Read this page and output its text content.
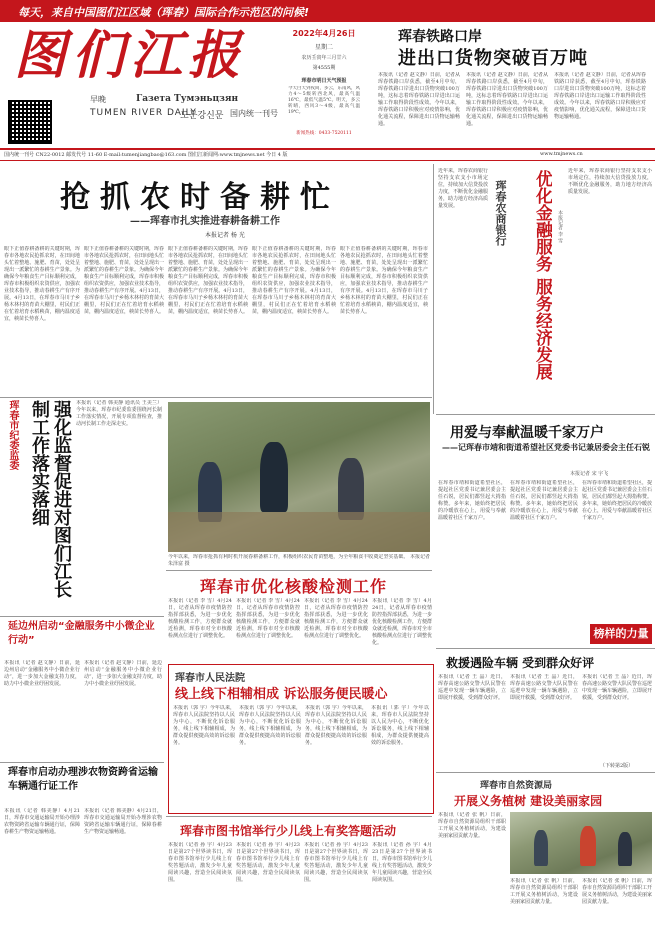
每天，来自中国图们江区域（珲春）国际合作示范区的问候!
图们江报
早晚	Газета Тумэньцзян
TUMEN RIVER DAILY
도문강신문 国内统一刊号
2022年4月26日
星期二
农历壬寅年三月廿六
第4555期
珲春市明日天气预报
今天白天到夜间，多云，东南风，风力4～5级转西北风，最高气温16℃，最低气温5℃。明天，多云转晴，西风3～4级，最高气温19℃。
新闻热线：0433-7520111
珲春铁路口岸
进出口货物突破百万吨
本报讯（记者 赵文静）日前，记者从珲春铁路口岸获悉，截至4月中旬，珲春铁路口岸进出口货物突破100万吨，这标志着珲春铁路口岸进出口运输工作取得阶段性成效。今年以来，珲春铁路口岸积极应对疫情影响，优化通关流程，保障进出口货物运输畅通。
本报讯（记者 赵文静）日前，记者从珲春铁路口岸获悉，截至4月中旬，珲春铁路口岸进出口货物突破100万吨，这标志着珲春铁路口岸进出口运输工作取得阶段性成效。今年以来，珲春铁路口岸积极应对疫情影响，优化通关流程，保障进出口货物运输畅通。
本报讯（记者 赵文静）日前，记者从珲春铁路口岸获悉，截至4月中旬，珲春铁路口岸进出口货物突破100万吨，这标志着珲春铁路口岸进出口运输工作取得阶段性成效。今年以来，珲春铁路口岸积极应对疫情影响，优化通关流程，保障进出口货物运输畅通。
国内统一刊号 CN22-0012 邮发代号 11-60 E-mail:tumenjiangbao@163.com 图们江新闻网:www.tmjnews.net 今日 4 版	www.tmjnews.cn
抢抓农时备耕忙
——珲春市扎实推进春耕备耕工作
本报记者 杨 光
眼下正值春耕备耕的关键时期，珲春市各地农民抢抓农时，在田间地头忙着整地、施肥、育苗，处处呈现出一派繁忙的春耕生产景象。为确保今年粮食生产目标顺利完成，珲春市积极组织农资供应，加强农业技术指导，推动春耕生产有序开展。4月13日，在珲春市马川子乡杨木林村的育苗大棚里，村民们正在忙着培育水稻秧苗，棚内温度适宜，秧苗长势喜人。
眼下正值春耕备耕的关键时期，珲春市各地农民抢抓农时，在田间地头忙着整地、施肥、育苗，处处呈现出一派繁忙的春耕生产景象。为确保今年粮食生产目标顺利完成，珲春市积极组织农资供应，加强农业技术指导，推动春耕生产有序开展。4月13日，在珲春市马川子乡杨木林村的育苗大棚里，村民们正在忙着培育水稻秧苗，棚内温度适宜，秧苗长势喜人。
眼下正值春耕备耕的关键时期，珲春市各地农民抢抓农时，在田间地头忙着整地、施肥、育苗，处处呈现出一派繁忙的春耕生产景象。为确保今年粮食生产目标顺利完成，珲春市积极组织农资供应，加强农业技术指导，推动春耕生产有序开展。4月13日，在珲春市马川子乡杨木林村的育苗大棚里，村民们正在忙着培育水稻秧苗，棚内温度适宜，秧苗长势喜人。
眼下正值春耕备耕的关键时期，珲春市各地农民抢抓农时，在田间地头忙着整地、施肥、育苗，处处呈现出一派繁忙的春耕生产景象。为确保今年粮食生产目标顺利完成，珲春市积极组织农资供应，加强农业技术指导，推动春耕生产有序开展。4月13日，在珲春市马川子乡杨木林村的育苗大棚里，村民们正在忙着培育水稻秧苗，棚内温度适宜，秧苗长势喜人。
眼下正值春耕备耕的关键时期，珲春市各地农民抢抓农时，在田间地头忙着整地、施肥、育苗，处处呈现出一派繁忙的春耕生产景象。为确保今年粮食生产目标顺利完成，珲春市积极组织农资供应，加强农业技术指导，推动春耕生产有序开展。4月13日，在珲春市马川子乡杨木林村的育苗大棚里，村民们正在忙着培育水稻秧苗，棚内温度适宜，秧苗长势喜人。
近年来，珲春农商银行坚持支农支小市场定位，持续加大信贷投放力度，不断优化金融服务，助力地方经济高质量发展。	珲春农商银行	优化金融服务 服务经济发展 本报记者 李 雪
近年来，珲春农商银行坚持支农支小市场定位，持续加大信贷投放力度，不断优化金融服务，助力地方经济高质量发展。
珲春市纪委监委	强化监督促进对图们江长制工作落实落细	本报讯（记者 韩美静 通讯员 王美兰）今年以来，珲春市纪委监委围绕河长制工作落实情况，开展专项监督检查，推动河长制工作走深走实。
今年以来，珲春市抢抓有利时机开展春耕备耕工作，积极组织农民育苗整地，为全年粮食丰收奠定坚实基础。 本报记者 朱泽富 摄
用爱与奉献温暖千家万户
——记珲春市靖和街道希望社区党委书记兼居委会主任石锐
本报记者 宋 宇飞
在珲春市靖和街道希望社区，提起社区党委书记兼居委会主任石锐，居民们都竖起大拇指称赞。多年来，她始终把居民的冷暖放在心上，用爱与奉献温暖着社区千家万户。
在珲春市靖和街道希望社区，提起社区党委书记兼居委会主任石锐，居民们都竖起大拇指称赞。多年来，她始终把居民的冷暖放在心上，用爱与奉献温暖着社区千家万户。
在珲春市靖和街道希望社区，提起社区党委书记兼居委会主任石锐，居民们都竖起大拇指称赞。多年来，她始终把居民的冷暖放在心上，用爱与奉献温暖着社区千家万户。
榜样的力量
延边州启动“金融服务中小微企业行动”
本报讯（记者 赵文静）日前，延边州启动“金融服务中小微企业行动”，进一步加大金融支持力度，助力中小微企业纾困发展。
本报讯（记者 赵文静）日前，延边州启动“金融服务中小微企业行动”，进一步加大金融支持力度，助力中小微企业纾困发展。
珲春市优化核酸检测工作
本报讯（记者 李 雪）4月24日，记者从珲春市疫情防控指挥部获悉，为进一步优化核酸检测工作，方便群众就近检测，珲春市对全市核酸检测点位进行了调整优化。
本报讯（记者 李 雪）4月24日，记者从珲春市疫情防控指挥部获悉，为进一步优化核酸检测工作，方便群众就近检测，珲春市对全市核酸检测点位进行了调整优化。
本报讯（记者 李 雪）4月24日，记者从珲春市疫情防控指挥部获悉，为进一步优化核酸检测工作，方便群众就近检测，珲春市对全市核酸检测点位进行了调整优化。
本报讯（记者 李 雪）4月24日，记者从珲春市疫情防控指挥部获悉，为进一步优化核酸检测工作，方便群众就近检测，珲春市对全市核酸检测点位进行了调整优化。
珲春市人民法院
线上线下相辅相成 诉讼服务便民暖心
本报讯（郭 宇）今年以来，珲春市人民法院坚持以人民为中心，不断优化诉讼服务，线上线下相辅相成，为群众提供便捷高效的诉讼服务。
本报讯（郭 宇）今年以来，珲春市人民法院坚持以人民为中心，不断优化诉讼服务，线上线下相辅相成，为群众提供便捷高效的诉讼服务。
本报讯（郭 宇）今年以来，珲春市人民法院坚持以人民为中心，不断优化诉讼服务，线上线下相辅相成，为群众提供便捷高效的诉讼服务。
本报讯（郭 宇）今年以来，珲春市人民法院坚持以人民为中心，不断优化诉讼服务，线上线下相辅相成，为群众提供便捷高效的诉讼服务。
珲春市启动办理涉农物资跨省运输车辆通行证工作
本报讯（记者 韩美静）4月21日，珲春市交通运输局开始办理涉农物资跨省运输车辆通行证，保障春耕生产物资运输畅通。
本报讯（记者 韩美静）4月21日，珲春市交通运输局开始办理涉农物资跨省运输车辆通行证，保障春耕生产物资运输畅通。	珲春市图书馆举行少儿线上有奖答题活动
本报讯（记者 孙 宇）4月23日是第27个世界读书日，珲春市图书馆举行少儿线上有奖答题活动，激发少年儿童阅读兴趣，营造全民阅读氛围。
本报讯（记者 孙 宇）4月23日是第27个世界读书日，珲春市图书馆举行少儿线上有奖答题活动，激发少年儿童阅读兴趣，营造全民阅读氛围。
本报讯（记者 孙 宇）4月23日是第27个世界读书日，珲春市图书馆举行少儿线上有奖答题活动，激发少年儿童阅读兴趣，营造全民阅读氛围。
本报讯（记者 孙 宇）4月23日是第27个世界读书日，珲春市图书馆举行少儿线上有奖答题活动，激发少年儿童阅读兴趣，营造全民阅读氛围。
救援遇险车辆 受到群众好评
本报讯（记者 王 晶）近日，珲春高速公路交警大队民警在巡逻中发现一辆车辆遇险，立即展开救援，受到群众好评。
本报讯（记者 王 晶）近日，珲春高速公路交警大队民警在巡逻中发现一辆车辆遇险，立即展开救援，受到群众好评。
本报讯（记者 王 晶）近日，珲春高速公路交警大队民警在巡逻中发现一辆车辆遇险，立即展开救援，受到群众好评。
（下转第2版）
珲春市自然资源局
开展义务植树 建设美丽家园
本报讯（记者 张 帆）日前，珲春市自然资源局组织干部职工开展义务植树活动，为建设美丽家园贡献力量。
本报讯（记者 张 帆）日前，珲春市自然资源局组织干部职工开展义务植树活动，为建设美丽家园贡献力量。
本报讯（记者 张 帆）日前，珲春市自然资源局组织干部职工开展义务植树活动，为建设美丽家园贡献力量。
